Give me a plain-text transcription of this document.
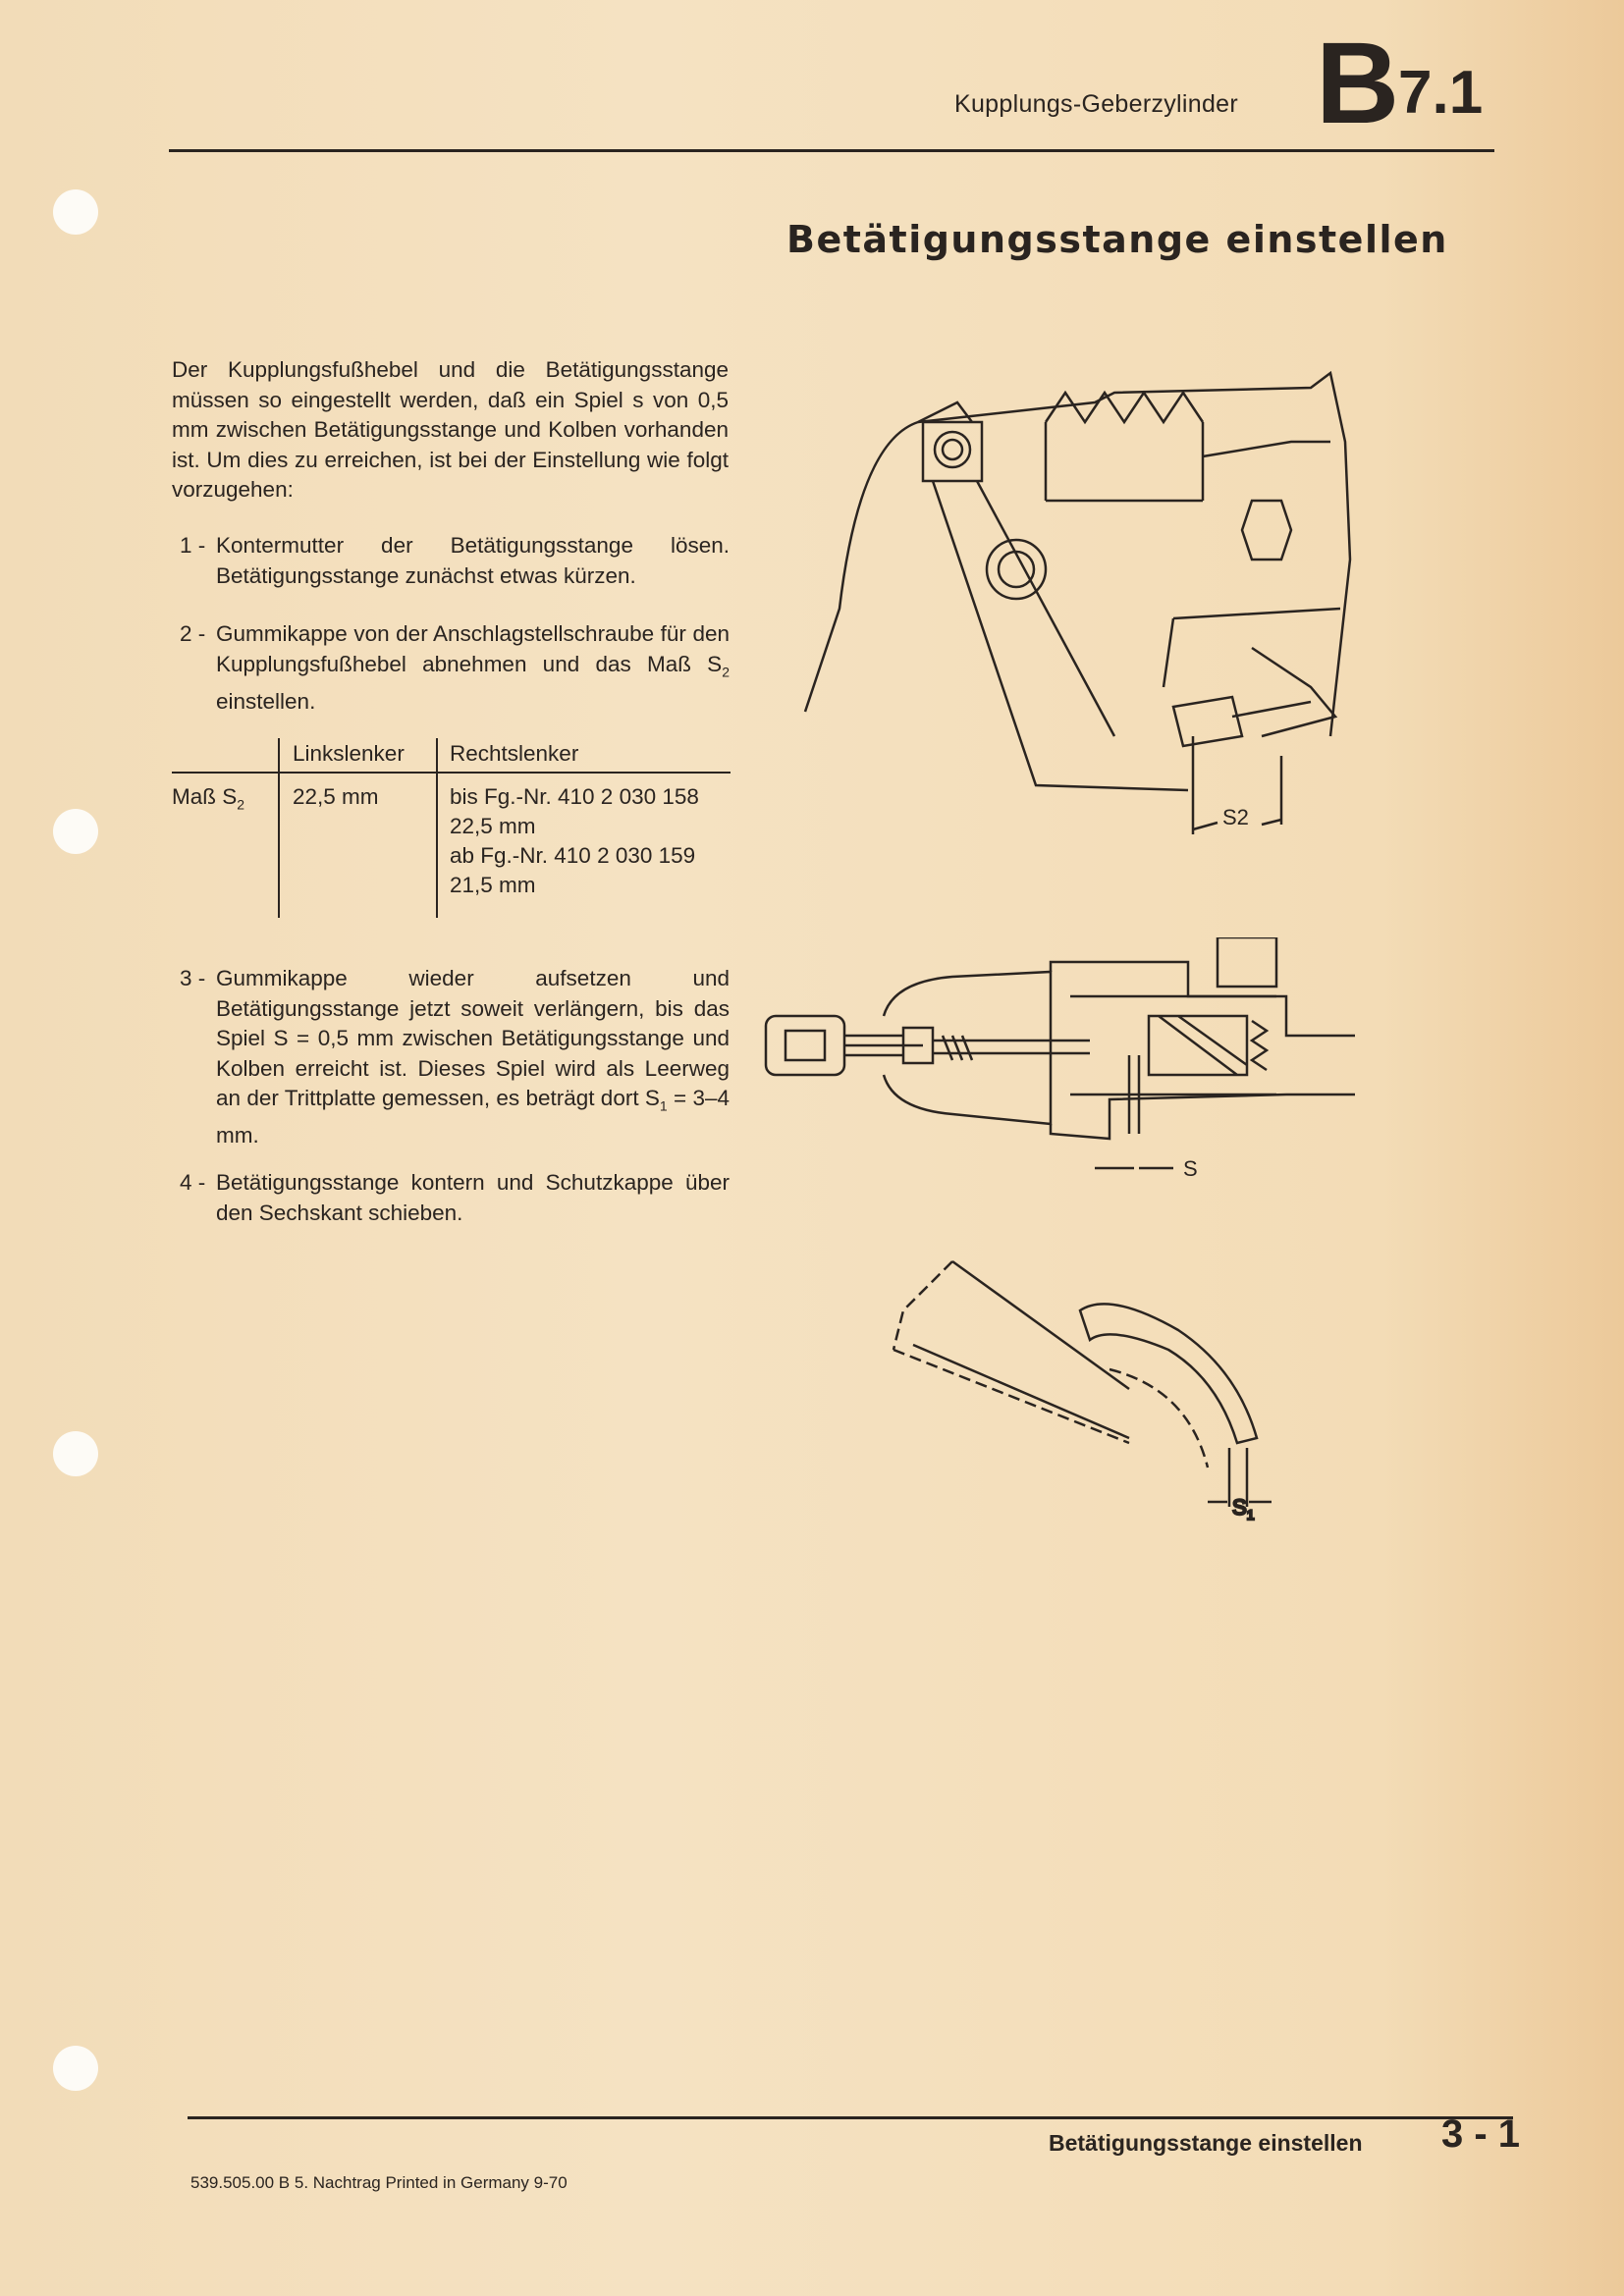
Kupplungs-Geberzylinder B
7.1
Betätigungsstange einstellen
Der Kupplungsfußhebel und die Betätigungsstange müssen so eingestellt werden, daß ein Spiel s von 0,5 mm zwischen Betätigungsstange und Kolben vorhanden ist. Um dies zu erreichen, ist bei der Einstellung wie folgt vorzugehen:
1 - Kontermutter der Betätigungsstange lösen. Betätigungsstange zunächst etwas kürzen.
2 - Gummikappe von der Anschlagstellschraube für den Kupplungsfußhebel abnehmen und das Maß $S_2$ einstellen.
Linkslenker Rechtslenker
Maß $S_2$ 22,5 mm	bis Fg.-Nr. 410 2 030 158
22,5 mm
ab Fg.-Nr. 410 2 030 159
21,5 mm
3 - Gummikappe wieder aufsetzen und Betätigungsstange jetzt soweit verlängern, bis das Spiel S = 0,5 mm zwischen Betätigungsstange und Kolben erreicht ist. Dieses Spiel wird als Leerweg an der Trittplatte gemessen, es beträgt dort $S_1 = 3-4$ mm.
4 - Betätigungsstange kontern und Schutzkappe über den Sechskant schieben.
S2
S
$S_1$
Betätigungsstange einstellen 3 - 1
539.505.00 B 5. Nachtrag Printed in Germany 9-70
